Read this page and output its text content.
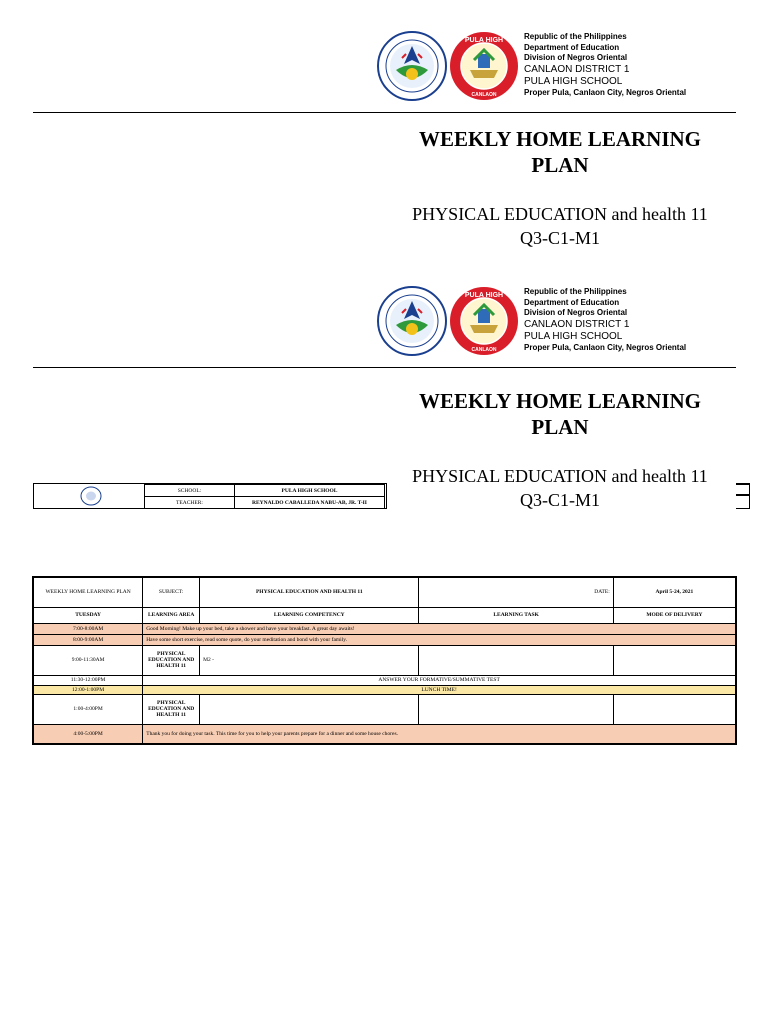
PULA HIGH
CANLAON
Republic of the Philippines
Department of Education
Division of Negros Oriental
CANLAON DISTRICT 1
PULA HIGH SCHOOL
Proper Pula, Canlaon City, Negros Oriental
WEEKLY HOME LEARNING
PLAN
PHYSICAL EDUCATION and health 11
Q3-C1-M1
PULA HIGH
CANLAON
Republic of the Philippines
Department of Education
Division of Negros Oriental
CANLAON DISTRICT 1
PULA HIGH SCHOOL
Proper Pula, Canlaon City, Negros Oriental
WEEKLY HOME LEARNING
PLAN
SCHOOL:	PULA HIGH SCHOOL
TEACHER:	REYNALDO CABALLEDA NABU-AB, JR. T-II
PHYSICAL EDUCATION and health 11
Q3-C1-M1
WEEKLY HOME LEARNING PLAN	SUBJECT:	PHYSICAL EDUCATION AND HEALTH 11	DATE:	April 5-24, 2021
TUESDAY	LEARNING AREA	LEARNING COMPETENCY	LEARNING TASK	MODE OF DELIVERY
7:00-8:00AM	Good Morning! Make up your bed, take a shower and have your breakfast. A great day awaits!			
8:00-9:00AM	Have some short exercise, read some quote, do your meditation and bond with your family.			
9:00-11:30AM	PHYSICAL EDUCATION AND HEALTH 11	M2 -		
11:30-12:00PM	ANSWER YOUR FORMATIVE/SUMMATIVE TEST			
12:00-1:00PM	LUNCH TIME!			
1:00-4:00PM	PHYSICAL EDUCATION AND HEALTH 11			
4:00-5:00PM	Thank you for doing your task. This time for you to help your parents prepare for a dinner and some house chores.			
